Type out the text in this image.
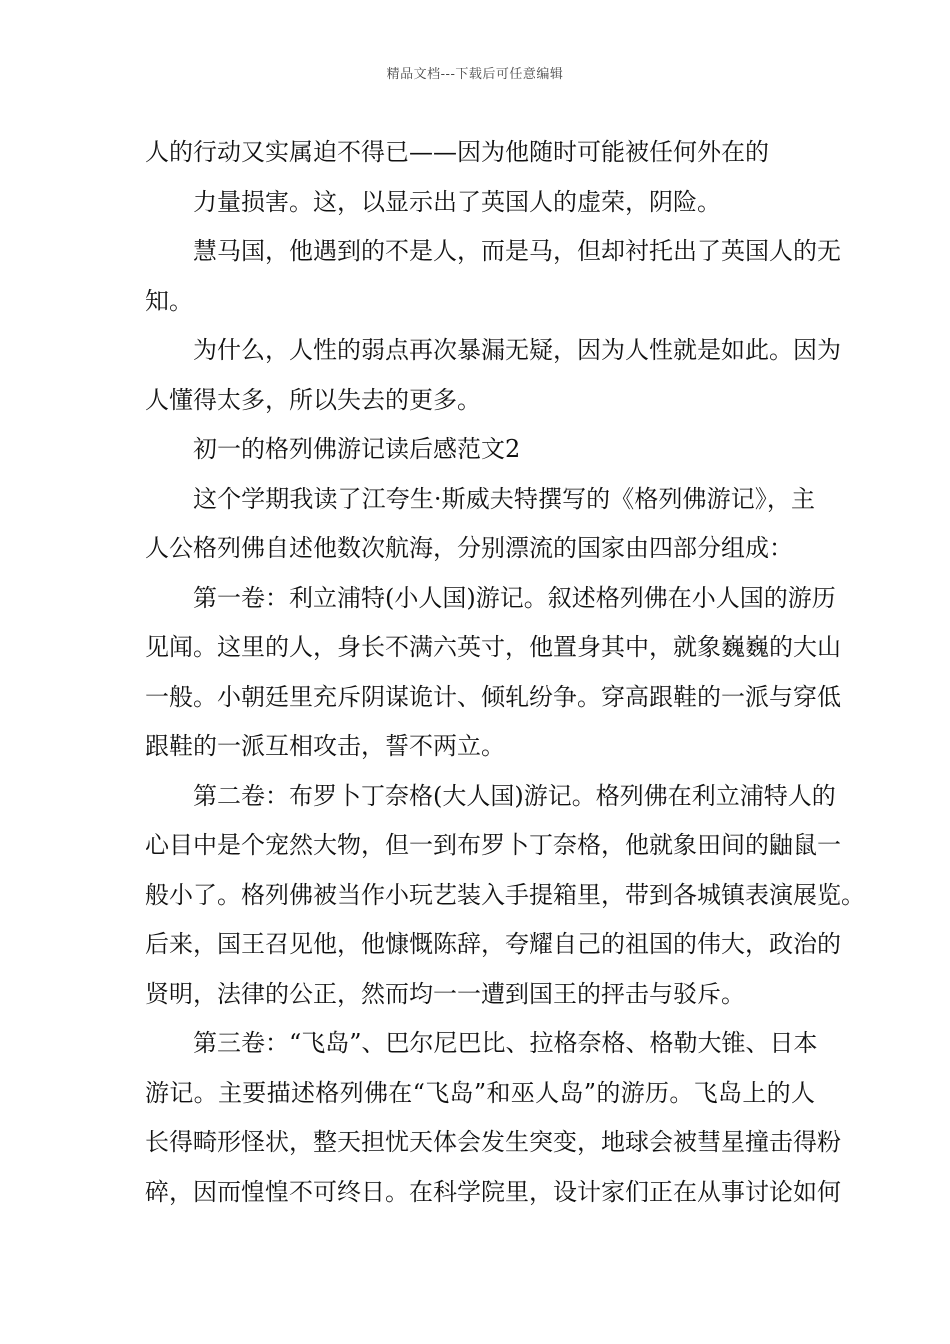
精品文档---下载后可任意编辑

人的行动又实属迫不得已——因为他随时可能被任何外在的

力量损害。这，以显示出了英国人的虚荣，阴险。

慧马国，他遇到的不是人，而是马，但却衬托出了英国人的无

知。

为什么，人性的弱点再次暴漏无疑，因为人性就是如此。因为

人懂得太多，所以失去的更多。

初一的格列佛游记读后感范文2

这个学期我读了江夸生·斯威夫特撰写的《格列佛游记》，主

人公格列佛自述他数次航海，分别漂流的国家由四部分组成：

第一卷：利立浦特(小人国)游记。叙述格列佛在小人国的游历

见闻。这里的人，身长不满六英寸，他置身其中，就象巍巍的大山

一般。小朝廷里充斥阴谋诡计、倾轧纷争。穿高跟鞋的一派与穿低

跟鞋的一派互相攻击，誓不两立。

第二卷：布罗卜丁奈格(大人国)游记。格列佛在利立浦特人的

心目中是个宠然大物，但一到布罗卜丁奈格，他就象田间的鼬鼠一

般小了。格列佛被当作小玩艺装入手提箱里，带到各城镇表演展览。

后来，国王召见他，他慷慨陈辞，夸耀自己的祖国的伟大，政治的

贤明，法律的公正，然而均一一遭到国王的抨击与驳斥。

第三卷：“飞岛”、巴尔尼巴比、拉格奈格、格勒大锥、日本

游记。主要描述格列佛在“飞岛”和巫人岛”的游历。飞岛上的人

长得畸形怪状，整天担忧天体会发生突变，地球会被彗星撞击得粉

碎，因而惶惶不可终日。在科学院里，设计家们正在从事讨论如何
